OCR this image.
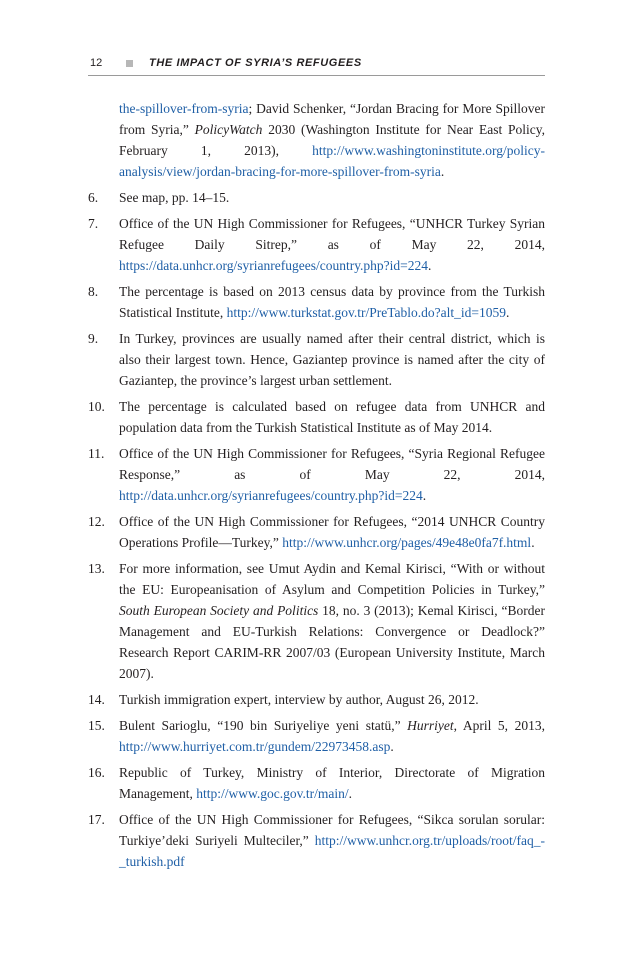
12	THE IMPACT OF SYRIA’S REFUGEES
the-spillover-from-syria; David Schenker, “Jordan Bracing for More Spillover from Syria,” PolicyWatch 2030 (Washington Institute for Near East Policy, February 1, 2013), http://www.washingtoninstitute.org/policy-analysis/view/jordan-bracing-for-more-spillover-from-syria.
6. See map, pp. 14–15.
7. Office of the UN High Commissioner for Refugees, “UNHCR Turkey Syrian Refugee Daily Sitrep,” as of May 22, 2014, https://data.unhcr.org/syrianrefugees/country.php?id=224.
8. The percentage is based on 2013 census data by province from the Turkish Statistical Institute, http://www.turkstat.gov.tr/PreTablo.do?alt_id=1059.
9. In Turkey, provinces are usually named after their central district, which is also their largest town. Hence, Gaziantep province is named after the city of Gaziantep, the province’s largest urban settlement.
10. The percentage is calculated based on refugee data from UNHCR and population data from the Turkish Statistical Institute as of May 2014.
11. Office of the UN High Commissioner for Refugees, “Syria Regional Refugee Response,” as of May 22, 2014, http://data.unhcr.org/syrianrefugees/country.php?id=224.
12. Office of the UN High Commissioner for Refugees, “2014 UNHCR Country Operations Profile—Turkey,” http://www.unhcr.org/pages/49e48e0fa7f.html.
13. For more information, see Umut Aydin and Kemal Kirisci, “With or without the EU: Europeanisation of Asylum and Competition Policies in Turkey,” South European Society and Politics 18, no. 3 (2013); Kemal Kirisci, “Border Management and EU-Turkish Relations: Convergence or Deadlock?” Research Report CARIM-RR 2007/03 (European University Institute, March 2007).
14. Turkish immigration expert, interview by author, August 26, 2012.
15. Bulent Sarioglu, “190 bin Suriyeliye yeni statü,” Hurriyet, April 5, 2013, http://www.hurriyet.com.tr/gundem/22973458.asp.
16. Republic of Turkey, Ministry of Interior, Directorate of Migration Management, http://www.goc.gov.tr/main/.
17. Office of the UN High Commissioner for Refugees, “Sikca sorulan sorular: Turkiye’deki Suriyeli Multeciler,” http://www.unhcr.org.tr/uploads/root/faq_-_turkish.pdf
